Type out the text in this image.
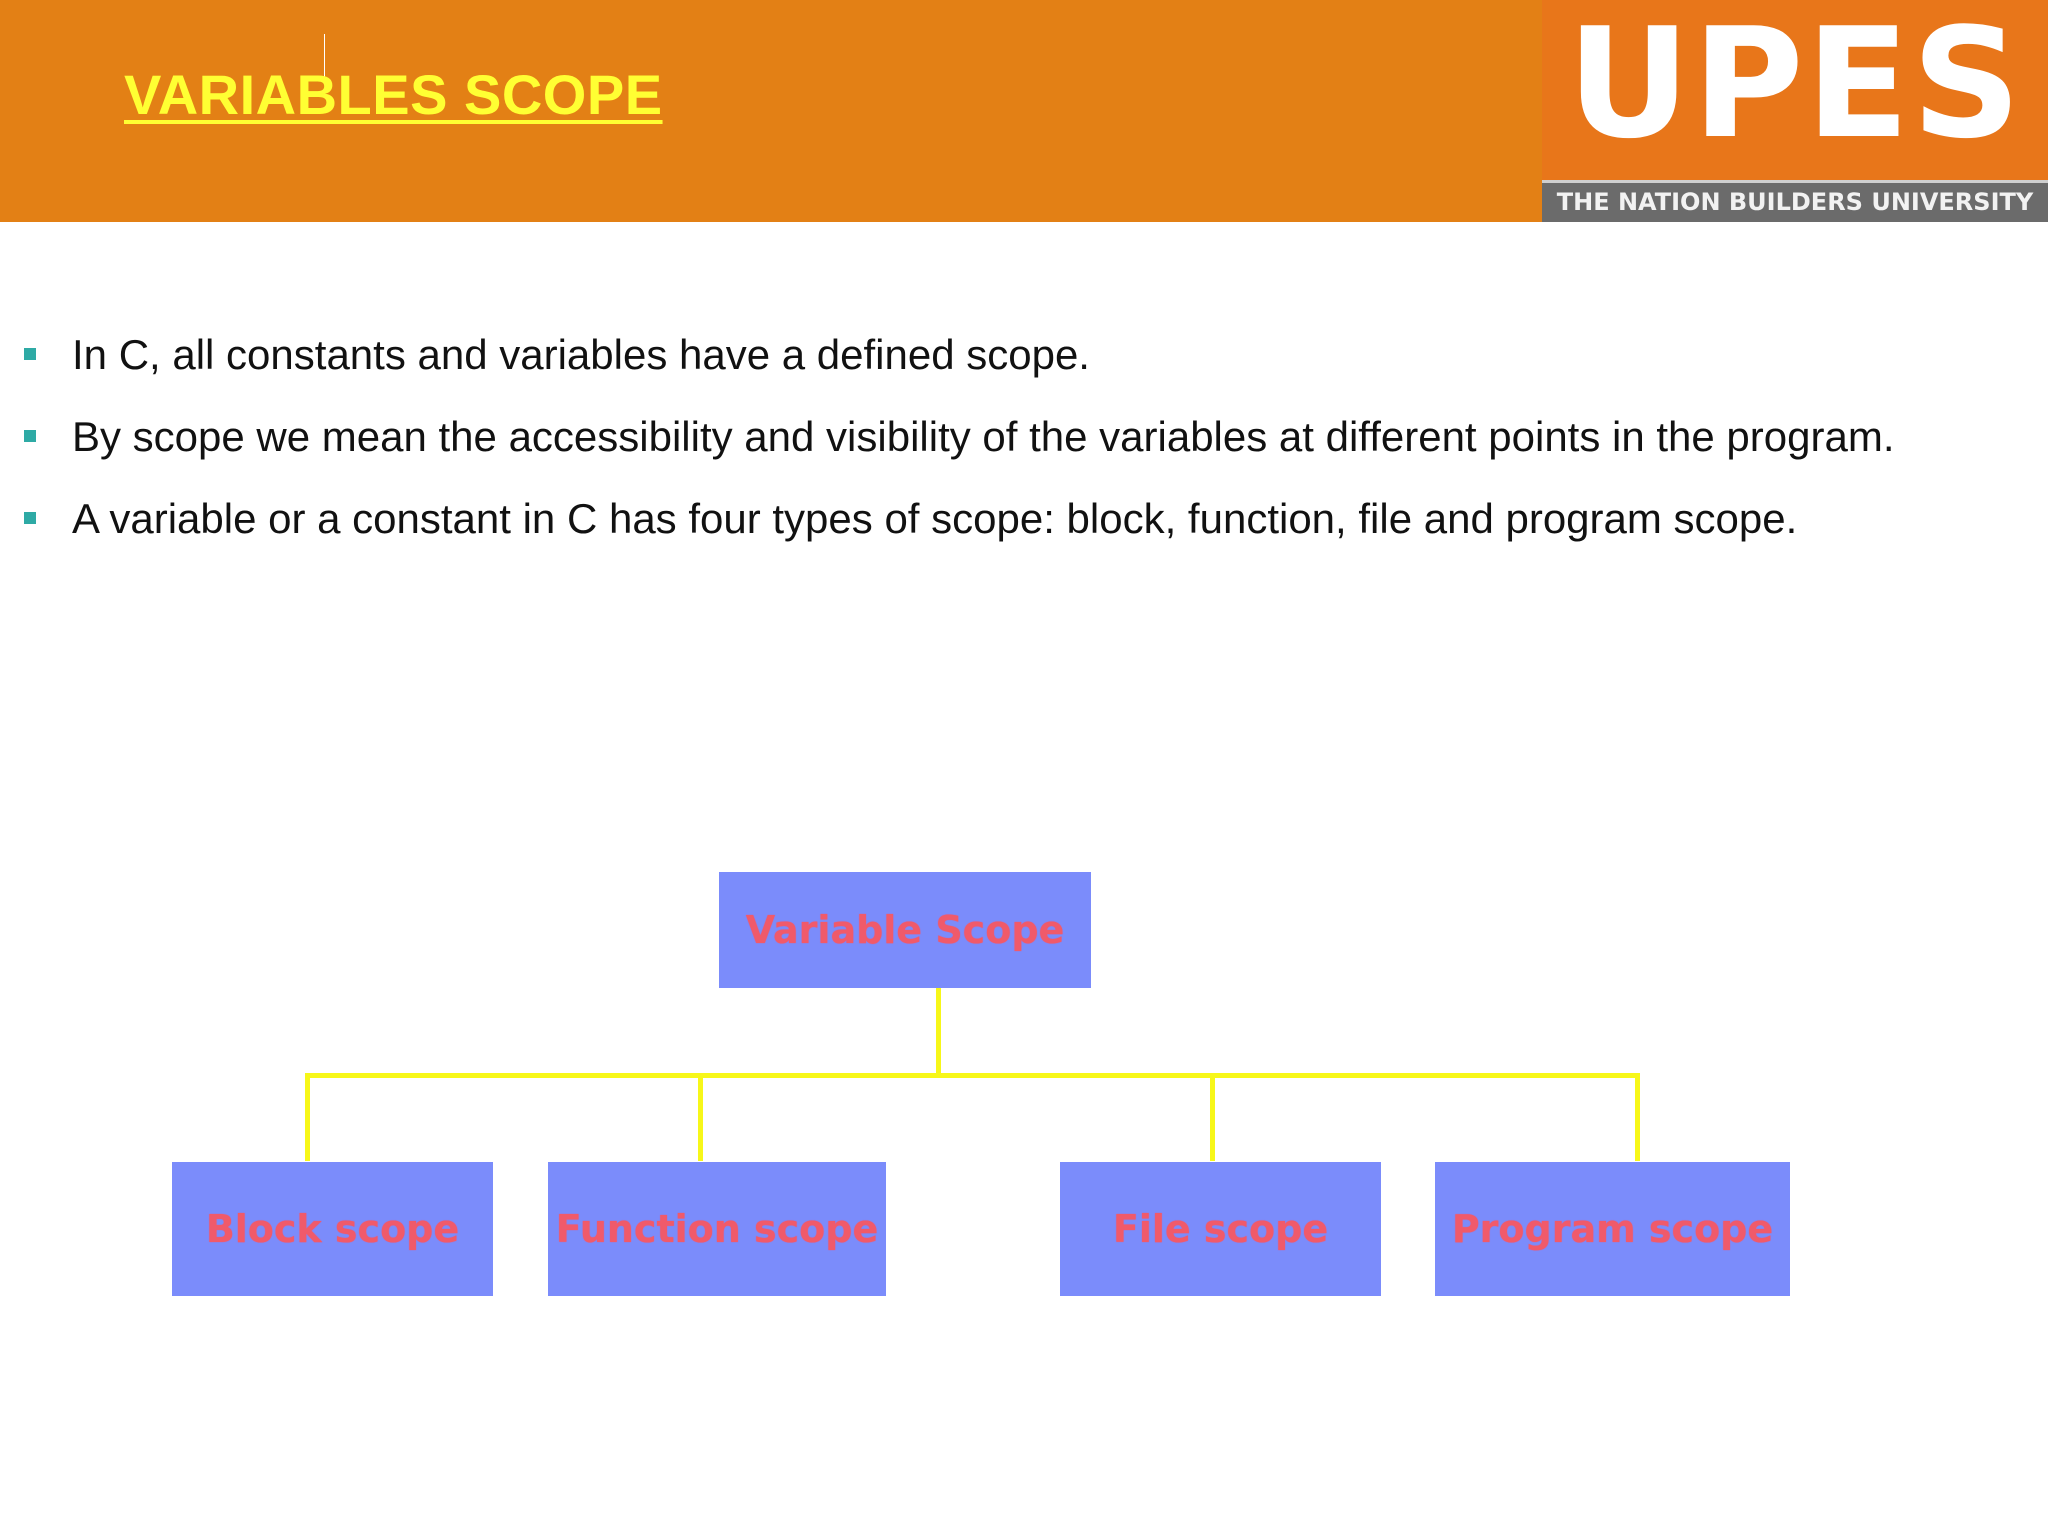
VARIABLES SCOPE	UPES
THE NATION BUILDERS UNIVERSITY
In C, all constants and variables have a defined scope.
By scope we mean the accessibility and visibility of the variables at different points in the program.
A variable or a constant in C has four types of scope: block, function, file and program scope.
Variable Scope
Block scope	Function scope	File scope	Program scope
